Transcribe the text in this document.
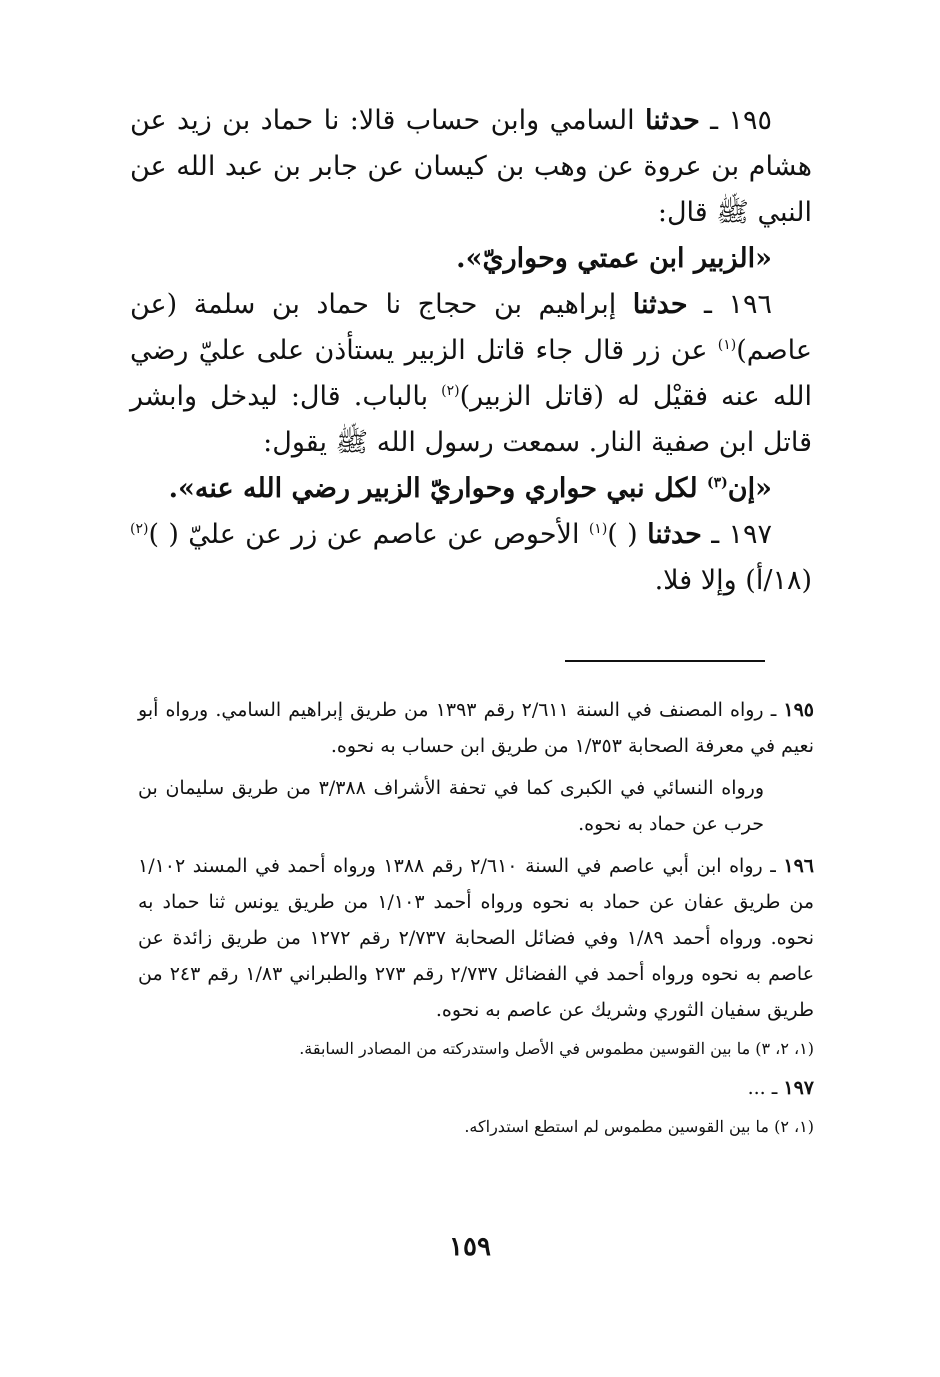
١٩٥ ـ حدثنا السامي وابن حساب قالا: نا حماد بن زيد عن هشام بن عروة عن وهب بن كيسان عن جابر بن عبد الله عن النبي ﷺ قال:

«الزبير ابن عمتي وحواريّ».

١٩٦ ـ حدثنا إبراهيم بن حجاج نا حماد بن سلمة (عن عاصم)$^{(١)}$ عن زر قال جاء قاتل الزبير يستأذن على عليّ رضي الله عنه فقيْل له (قاتل الزبير)$^{(٢)}$ بالباب. قال: ليدخل وابشر قاتل ابن صفية النار. سمعت رسول الله ﷺ يقول:

«إن$^{(٣)}$ لكل نبي حواري وحواريّ الزبير رضي الله عنه».

١٩٧ ـ حدثنا ( )$^{(١)}$ الأحوص عن عاصم عن زر عن عليّ ( )$^{(٢)}$ (١٨/أ) وإلا فلا.

١٩٥ ـ رواه المصنف في السنة ٢/٦١١ رقم ١٣٩٣ من طريق إبراهيم السامي. ورواه أبو نعيم في معرفة الصحابة ١/٣٥٣ من طريق ابن حساب به نحوه.

ورواه النسائي في الكبرى كما في تحفة الأشراف ٣/٣٨٨ من طريق سليمان بن حرب عن حماد به نحوه.

١٩٦ ـ رواه ابن أبي عاصم في السنة ٢/٦١٠ رقم ١٣٨٨ ورواه أحمد في المسند ١/١٠٢ من طريق عفان عن حماد به نحوه ورواه أحمد ١/١٠٣ من طريق يونس ثنا حماد به نحوه. ورواه أحمد ١/٨٩ وفي فضائل الصحابة ٢/٧٣٧ رقم ١٢٧٢ من طريق زائدة عن عاصم به نحوه ورواه أحمد في الفضائل ٢/٧٣٧ رقم ٢٧٣ والطبراني ١/٨٣ رقم ٢٤٣ من طريق سفيان الثوري وشريك عن عاصم به نحوه.

(١، ٢، ٣) ما بين القوسين مطموس في الأصل واستدركته من المصادر السابقة.

١٩٧ ـ ...

(١، ٢) ما بين القوسين مطموس لم استطع استدراكه.

١٥٩
